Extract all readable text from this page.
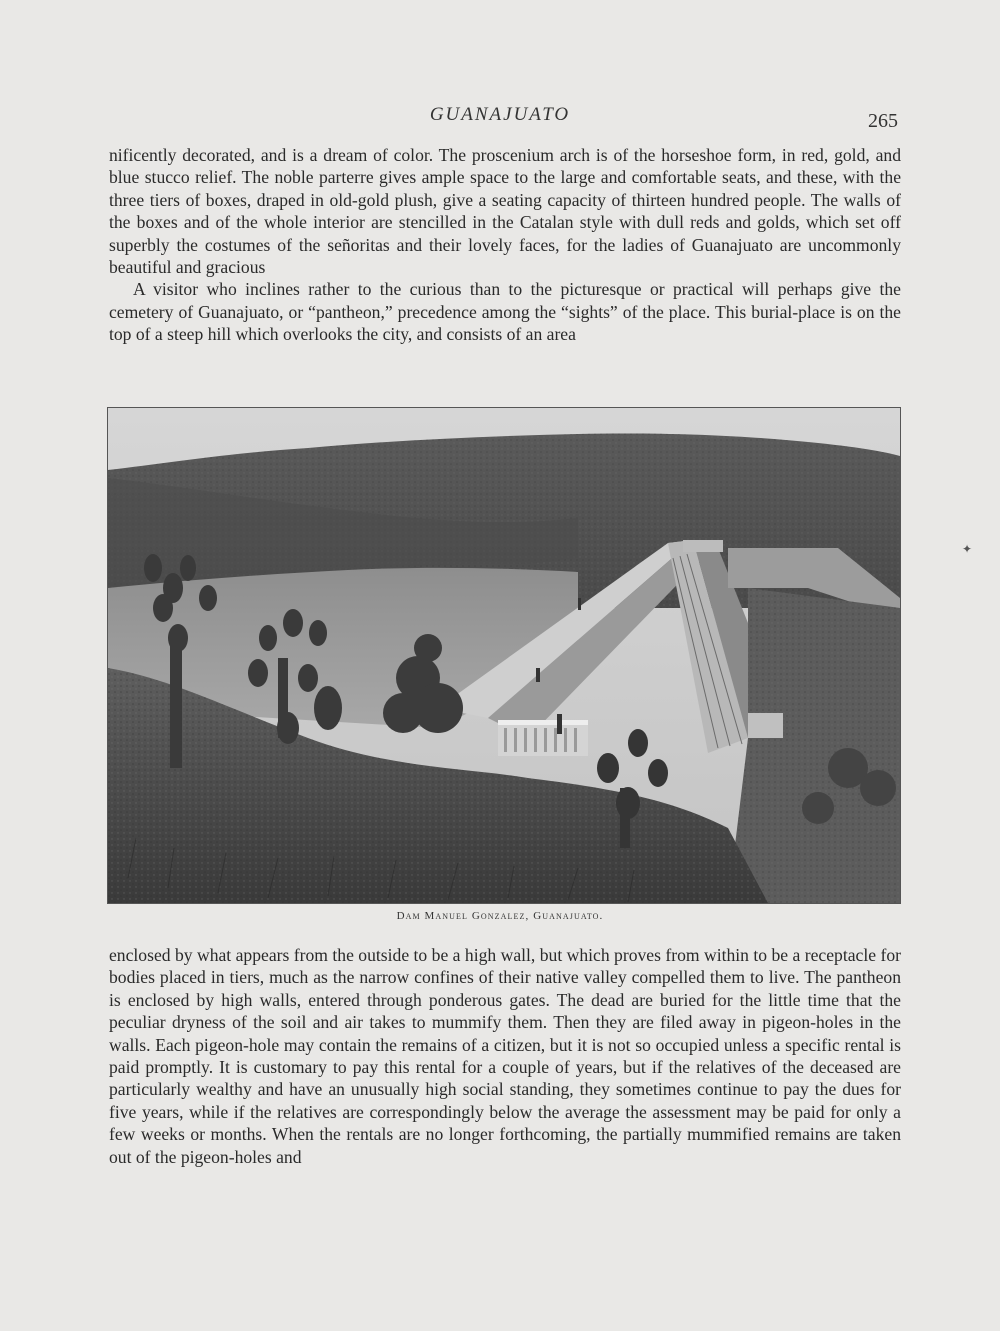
GUANAJUATO	265

nificently decorated, and is a dream of color. The proscenium arch is of the horseshoe form, in red, gold, and blue stucco relief. The noble parterre gives ample space to the large and comfortable seats, and these, with the three tiers of boxes, draped in old-gold plush, give a seating capacity of thirteen hundred people. The walls of the boxes and of the whole interior are stencilled in the Catalan style with dull reds and golds, which set off superbly the costumes of the señoritas and their lovely faces, for the ladies of Guanajuato are uncommonly beautiful and gracious

A visitor who inclines rather to the curious than to the picturesque or practical will perhaps give the cemetery of Guanajuato, or “pantheon,” precedence among the “sights” of the place. This burial-place is on the top of a steep hill which overlooks the city, and consists of an area

Dam Manuel Gonzalez, Guanajuato.

enclosed by what appears from the outside to be a high wall, but which proves from within to be a receptacle for bodies placed in tiers, much as the narrow confines of their native valley compelled them to live. The pantheon is enclosed by high walls, entered through ponderous gates. The dead are buried for the little time that the peculiar dryness of the soil and air takes to mummify them. Then they are filed away in pigeon-holes in the walls. Each pigeon-hole may contain the remains of a citizen, but it is not so occupied unless a specific rental is paid promptly. It is customary to pay this rental for a couple of years, but if the relatives of the deceased are particularly wealthy and have an unusually high social standing, they sometimes continue to pay the dues for five years, while if the relatives are correspondingly below the average the assessment may be paid for only a few weeks or months. When the rentals are no longer forthcoming, the partially mummified remains are taken out of the pigeon-holes and

✦
